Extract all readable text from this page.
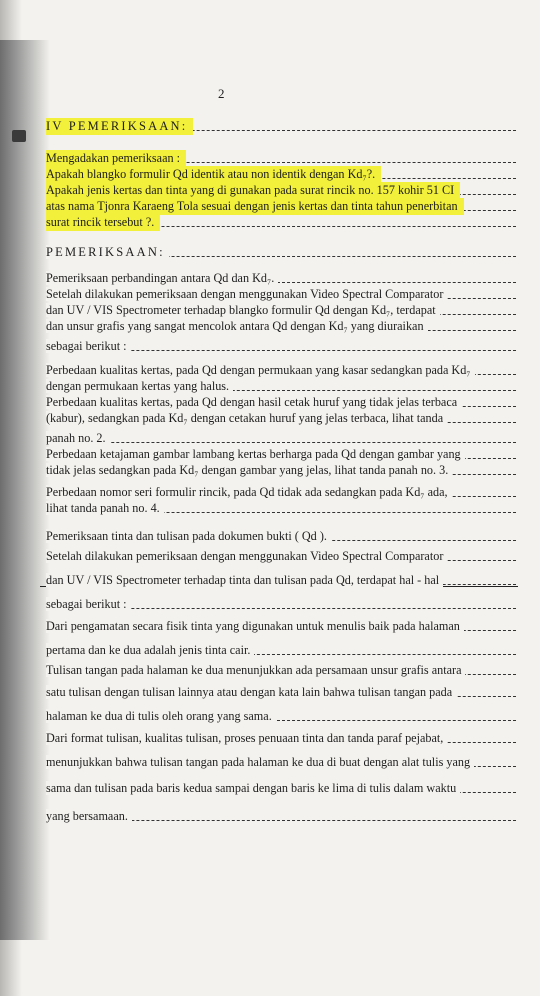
2
IV PEMERIKSAAN:
Mengadakan pemeriksaan :
Apakah blangko formulir Qd identik atau non identik dengan Kd₇?.
Apakah jenis kertas dan tinta yang di gunakan pada surat rincik no. 157 kohir 51 CI
atas nama Tjonra Karaeng Tola sesuai dengan jenis kertas dan tinta tahun penerbitan
surat rincik tersebut ?.
PEMERIKSAAN:
Pemeriksaan perbandingan antara Qd dan Kd₇.
Setelah dilakukan pemeriksaan dengan menggunakan Video Spectral Comparator
dan UV / VIS Spectrometer terhadap blangko formulir Qd dengan Kd₇, terdapat
dan unsur grafis yang sangat mencolok antara Qd dengan Kd₇ yang diuraikan
sebagai berikut :
Perbedaan kualitas kertas, pada Qd dengan permukaan yang kasar sedangkan pada Kd₇
dengan permukaan kertas yang halus.
Perbedaan kualitas kertas, pada Qd dengan hasil cetak huruf yang tidak jelas terbaca
(kabur), sedangkan pada Kd₇ dengan cetakan huruf yang jelas terbaca, lihat tanda
panah no. 2.
Perbedaan ketajaman gambar lambang kertas berharga pada Qd dengan gambar yang
tidak jelas sedangkan pada Kd₇ dengan gambar yang jelas, lihat tanda panah no. 3.
Perbedaan nomor seri formulir rincik, pada Qd tidak ada sedangkan pada Kd₇ ada,
lihat tanda panah no. 4.
Pemeriksaan tinta dan tulisan pada dokumen bukti ( Qd ).
Setelah dilakukan pemeriksaan dengan menggunakan Video Spectral Comparator
dan UV / VIS Spectrometer terhadap tinta dan tulisan pada Qd, terdapat hal - hal
sebagai berikut :
Dari pengamatan secara fisik tinta yang digunakan untuk menulis baik pada halaman
pertama dan ke dua adalah jenis tinta cair.
Tulisan tangan pada halaman ke dua menunjukkan ada persamaan unsur grafis antara
satu tulisan dengan tulisan lainnya atau dengan kata lain bahwa tulisan tangan pada
halaman ke dua di tulis oleh orang yang sama.
Dari format tulisan, kualitas tulisan, proses penuaan tinta dan tanda paraf pejabat,
menunjukkan bahwa tulisan tangan pada halaman ke dua di buat dengan alat tulis yang
sama dan tulisan pada baris kedua sampai dengan baris ke lima di tulis dalam waktu
yang bersamaan.
